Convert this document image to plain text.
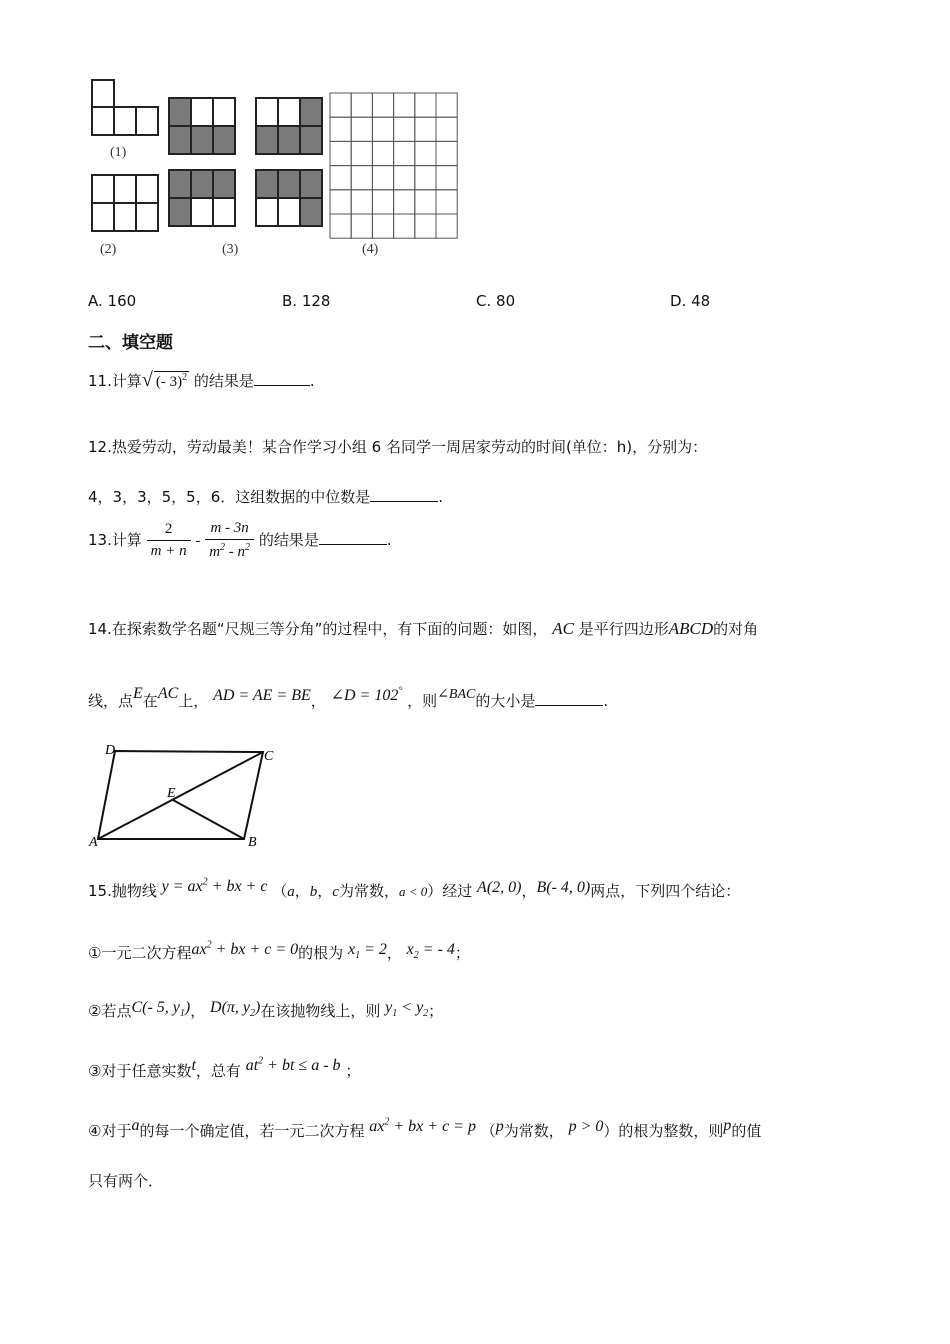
(1)
(2)	(3)	(4)
A. 160	B. 128	C. 80	D. 48
二、填空题
11.计算√ (- 3)$^2$ 的结果是	.
12.热爱劳动，劳动最美！某合作学习小组 6 名同学一周居家劳动的时间(单位：h)，分别为：
4，3，3，5，5，6．这组数据的中位数是	.
13.计算 $\frac{2}{m + n} - \frac{m - 3n}{m^2 - n^2}$ 的结果是	.
14.在探索数学名题“尺规三等分角”的过程中，有下面的问题：如图， AC 是平行四边形ABCD的对角
线，点E在AC上， AD = AE = BE， ∠D = 102° ，则∠BAC的大小是	.
D	C
E
A	B
15.抛物线 $y = ax^2$ + bx + c （a，b，c为常数，a < 0）经过 A(2, 0)，B(- 4, 0)两点，下列四个结论：
①一元二次方程$ax^2$ + bx + c = 0的根为 $x_1 = 2$， $x_2$ = - 4；
②若点C(- 5, $y_1$)， D(π, $y_2$)在该抛物线上，则 $y_1 < y_2$；
③对于任意实数t，总有 $at^2$ + bt ≤ a - b ；
④对于a的每一个确定值，若一元二次方程 $ax^2$ + bx + c = p （p为常数， p > 0）的根为整数，则p的值
只有两个．
